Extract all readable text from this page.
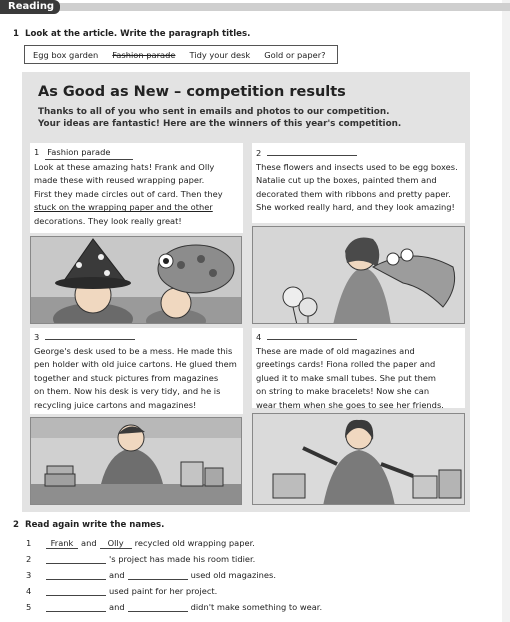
Reading
1 Look at the article. Write the paragraph titles.
Egg box garden Fashion parade Tidy your desk Gold or paper?
As Good as New – competition results
Thanks to all of you who sent in emails and photos to our competition.
Your ideas are fantastic! Here are the winners of this year's competition.
1 Fashion parade

Look at these amazing hats! Frank and Olly

made these with reused wrapping paper.

First they made circles out of card. Then they

stuck on the wrapping paper and the other

decorations. They look really great!

2

These flowers and insects used to be egg boxes.

Natalie cut up the boxes, painted them and

decorated them with ribbons and pretty paper.

She worked really hard, and they look amazing!

3

George's desk used to be a mess. He made this

pen holder with old juice cartons. He glued them

together and stuck pictures from magazines

on them. Now his desk is very tidy, and he is

recycling juice cartons and magazines!

4

These are made of old magazines and

greetings cards! Fiona rolled the paper and

glued it to make small tubes. She put them

on string to make bracelets! Now she can

wear them when she goes to see her friends.

2 Read again write the names.
1 Frank and Olly recycled old wrapping paper.
2	's project has made his room tidier.
3	and	used old magazines.
4	used paint for her project.
5	and	didn't make something to wear.
